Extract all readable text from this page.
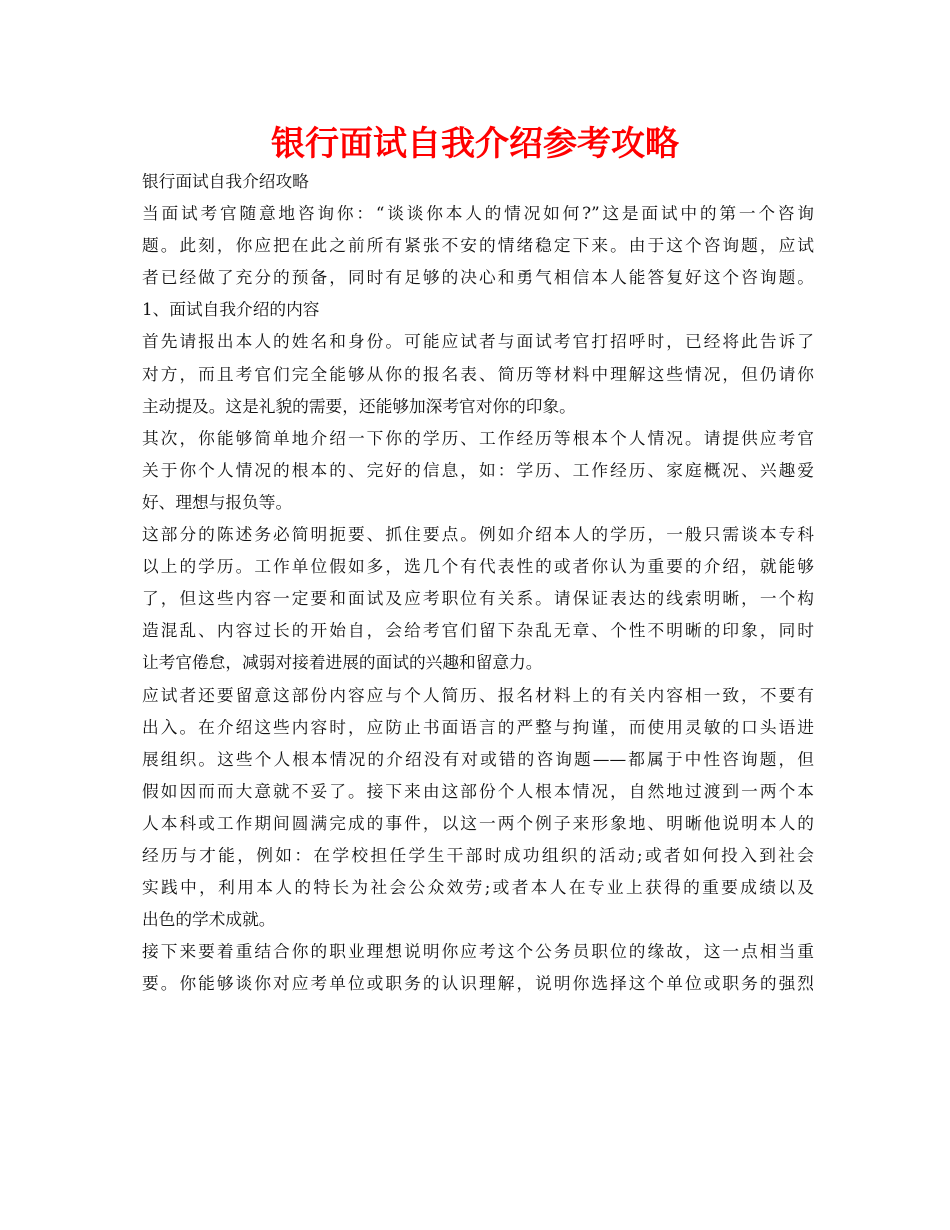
银行面试自我介绍参考攻略
银行面试自我介绍攻略
当面试考官随意地咨询你：“谈谈你本人的情况如何?”这是面试中的第一个咨询
题。此刻，你应把在此之前所有紧张不安的情绪稳定下来。由于这个咨询题，应试
者已经做了充分的预备，同时有足够的决心和勇气相信本人能答复好这个咨询题。
1、面试自我介绍的内容
首先请报出本人的姓名和身份。可能应试者与面试考官打招呼时，已经将此告诉了
对方，而且考官们完全能够从你的报名表、简历等材料中理解这些情况，但仍请你
主动提及。这是礼貌的需要，还能够加深考官对你的印象。
其次，你能够简单地介绍一下你的学历、工作经历等根本个人情况。请提供应考官
关于你个人情况的根本的、完好的信息，如：学历、工作经历、家庭概况、兴趣爱
好、理想与报负等。
这部分的陈述务必简明扼要、抓住要点。例如介绍本人的学历，一般只需谈本专科
以上的学历。工作单位假如多，选几个有代表性的或者你认为重要的介绍，就能够
了，但这些内容一定要和面试及应考职位有关系。请保证表达的线索明晰，一个构
造混乱、内容过长的开始自，会给考官们留下杂乱无章、个性不明晰的印象，同时
让考官倦怠，减弱对接着进展的面试的兴趣和留意力。
应试者还要留意这部份内容应与个人简历、报名材料上的有关内容相一致，不要有
出入。在介绍这些内容时，应防止书面语言的严整与拘谨，而使用灵敏的口头语进
展组织。这些个人根本情况的介绍没有对或错的咨询题——都属于中性咨询题，但
假如因而而大意就不妥了。接下来由这部份个人根本情况，自然地过渡到一两个本
人本科或工作期间圆满完成的事件，以这一两个例子来形象地、明晰他说明本人的
经历与才能，例如：在学校担任学生干部时成功组织的活动;或者如何投入到社会
实践中，利用本人的特长为社会公众效劳;或者本人在专业上获得的重要成绩以及
出色的学术成就。
接下来要着重结合你的职业理想说明你应考这个公务员职位的缘故，这一点相当重
要。你能够谈你对应考单位或职务的认识理解，说明你选择这个单位或职务的强烈
